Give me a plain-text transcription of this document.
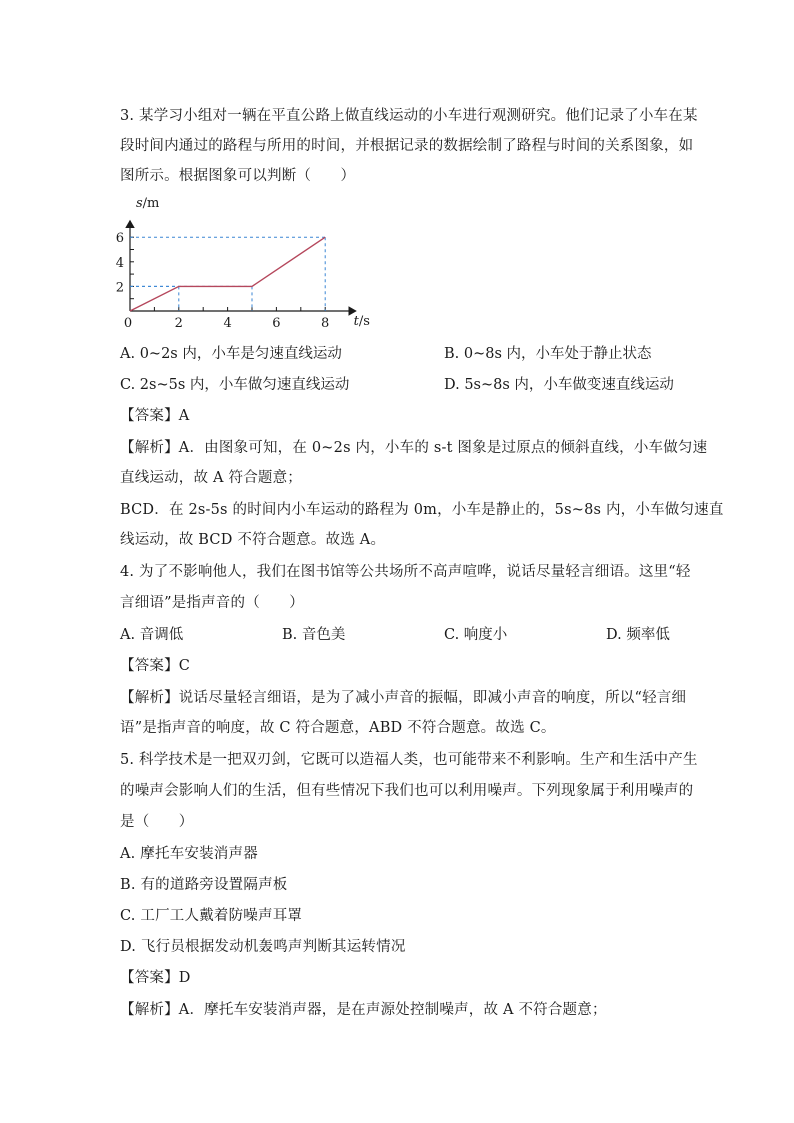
3. 某学习小组对一辆在平直公路上做直线运动的小车进行观测研究。他们记录了小车在某
段时间内通过的路程与所用的时间，并根据记录的数据绘制了路程与时间的关系图象，如
图所示。根据图象可以判断（　　）
2	4	6	8
2
4
6
0
s/m
t/s
A. 0~2s 内，小车是匀速直线运动	B. 0~8s 内，小车处于静止状态
C. 2s~5s 内，小车做匀速直线运动	D. 5s~8s 内，小车做变速直线运动
【答案】A
【解析】A．由图象可知，在 0~2s 内，小车的 s-t 图象是过原点的倾斜直线，小车做匀速
直线运动，故 A 符合题意；
BCD．在 2s-5s 的时间内小车运动的路程为 0m，小车是静止的，5s~8s 内，小车做匀速直
线运动，故 BCD 不符合题意。故选 A。
4. 为了不影响他人，我们在图书馆等公共场所不高声喧哗，说话尽量轻言细语。这里“轻
言细语”是指声音的（　　）
A. 音调低	B. 音色美	C. 响度小	D. 频率低
【答案】C
【解析】说话尽量轻言细语，是为了减小声音的振幅，即减小声音的响度，所以“轻言细
语”是指声音的响度，故 C 符合题意，ABD 不符合题意。故选 C。
5. 科学技术是一把双刃剑，它既可以造福人类，也可能带来不利影响。生产和生活中产生
的噪声会影响人们的生活，但有些情况下我们也可以利用噪声。下列现象属于利用噪声的
是（　　）
A. 摩托车安装消声器
B. 有的道路旁设置隔声板
C. 工厂工人戴着防噪声耳罩
D. 飞行员根据发动机轰鸣声判断其运转情况
【答案】D
【解析】A．摩托车安装消声器，是在声源处控制噪声，故 A 不符合题意；
